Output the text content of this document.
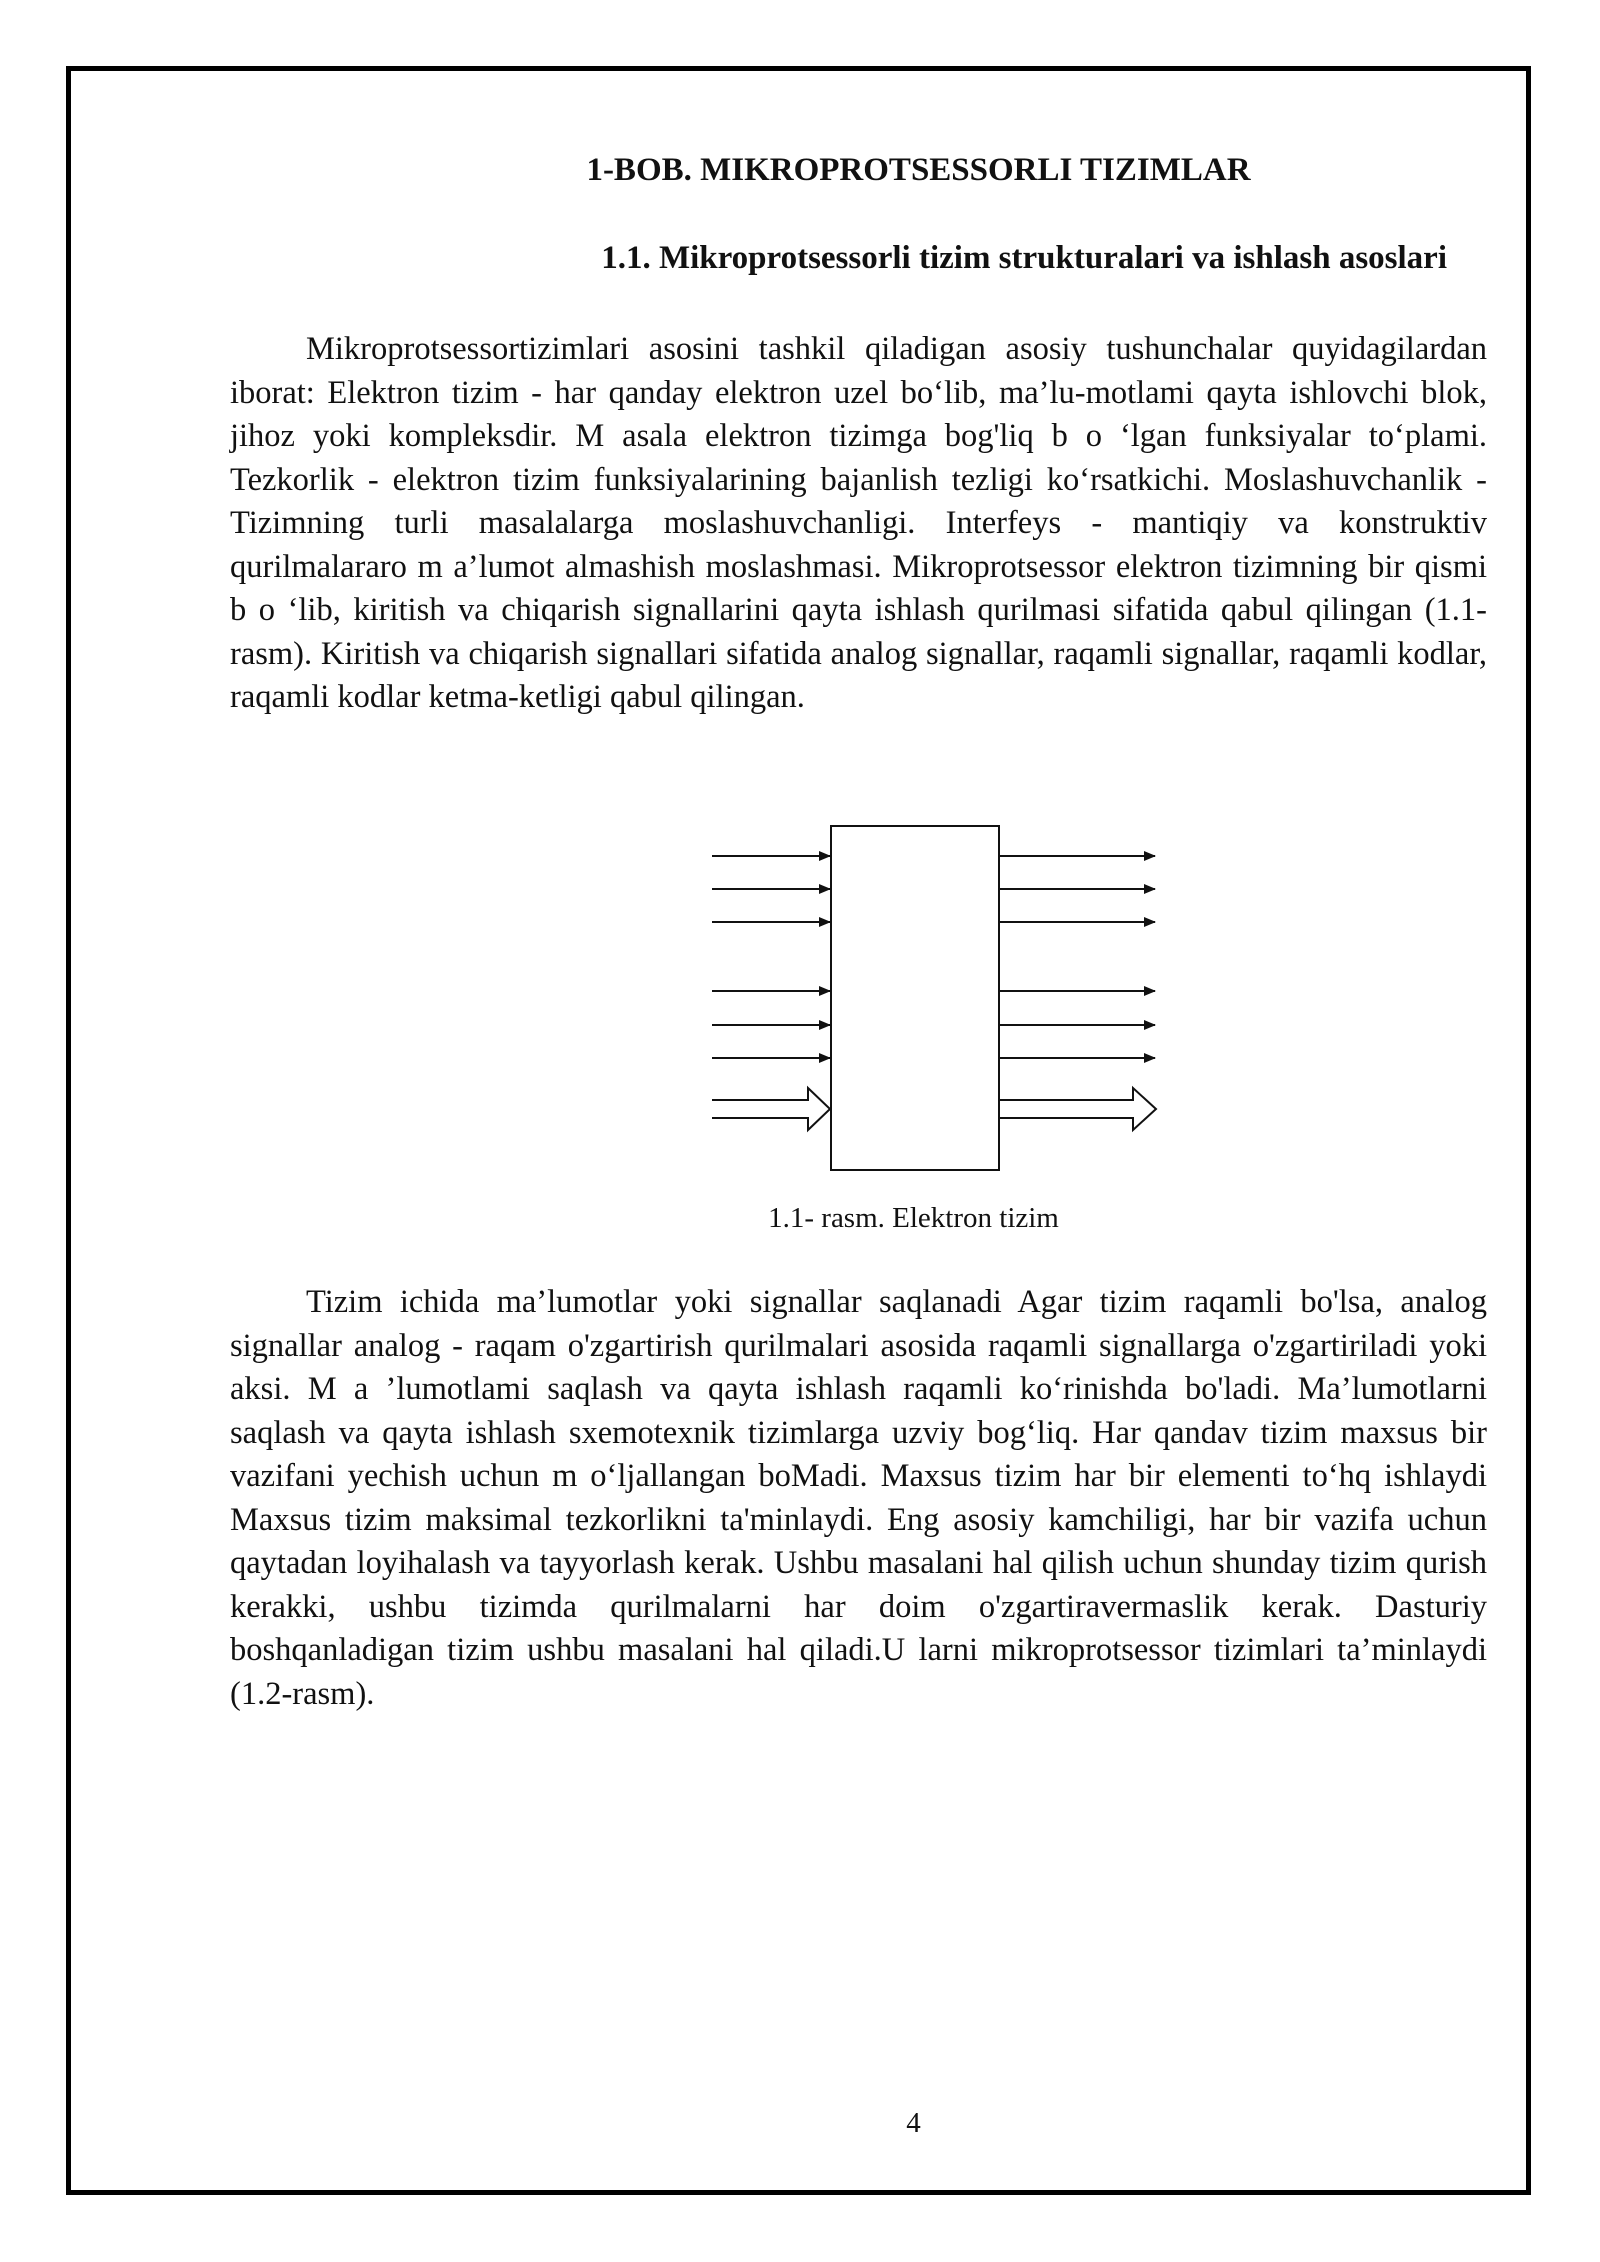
1-BOB. MIKROPROTSESSORLI TIZIMLAR
1.1. Mikroprotsessorli tizim strukturalari va ishlash asoslari

Mikroprotsessortizimlari asosini tashkil qiladigan asosiy tushunchalar quyidagilardan iborat: Elektron tizim - har qanday elektron uzel bo‘lib, ma’lu-motlami qayta ishlovchi blok, jihoz yoki kompleksdir. M asala elektron tizimga bog'liq b o ‘lgan funksiyalar to‘plami. Tezkorlik - elektron tizim funksiyalarining bajanlish tezligi ko‘rsatkichi. Moslashuvchanlik - Tizimning turli masalalarga moslashuvchanligi. Interfeys - mantiqiy va konstruktiv qurilmalararo m a’lumot almashish moslashmasi. Mikroprotsessor elektron tizimning bir qismi b o ‘lib, kiritish va chiqarish signallarini qayta ishlash qurilmasi sifatida qabul qilingan (1.1-rasm). Kiritish va chiqarish signallari sifatida analog signallar, raqamli signallar, raqamli kodlar, raqamli kodlar ketma-ketligi qabul qilingan.

1.1- rasm. Elektron tizim

Tizim ichida ma’lumotlar yoki signallar saqlanadi Agar tizim raqamli bo'lsa, analog signallar analog - raqam o'zgartirish qurilmalari asosida raqamli signallarga o'zgartiriladi yoki aksi. M a ’lumotlami saqlash va qayta ishlash raqamli ko‘rinishda bo'ladi. Ma’lumotlarni saqlash va qayta ishlash sxemotexnik tizimlarga uzviy bog‘liq. Har qandav tizim maxsus bir vazifani yechish uchun m o‘ljallangan boMadi. Maxsus tizim har bir elementi to‘hq ishlaydi Maxsus tizim maksimal tezkorlikni ta'minlaydi. Eng asosiy kamchiligi, har bir vazifa uchun qaytadan loyihalash va tayyorlash kerak. Ushbu masalani hal qilish uchun shunday tizim qurish kerakki, ushbu tizimda qurilmalarni har doim o'zgartiravermaslik kerak. Dasturiy boshqanladigan tizim ushbu masalani hal qiladi.U larni mikroprotsessor tizimlari ta’minlaydi (1.2-rasm).

4
